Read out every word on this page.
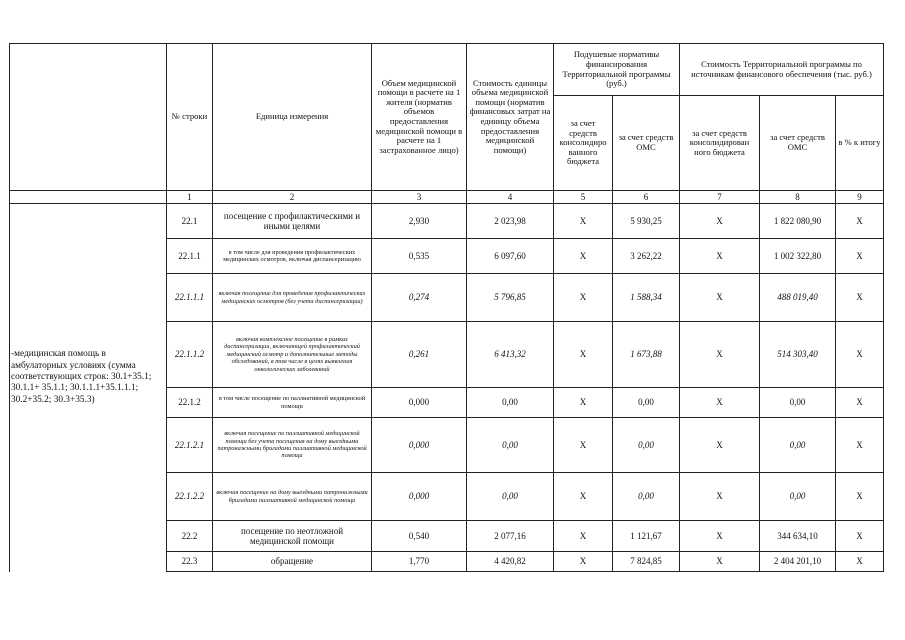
	№ строки	Единица измерения	Объем медицинской помощи в расчете на 1 жителя (норматив объемов предоставления медицинской помощи в расчете на 1 застрахованное лицо)	Стоимость единицы объема медицинской помощи (норматив финансовых затрат на единицу объема предоставления медицинской помощи)	Подушевые нормативы финансирования Территориальной программы (руб.)		Стоимость Территориальной программы по источникам финансового обеспечения (тыс. руб.)		
					за счет средств консолидиро ванного бюджета	за счет средств ОМС	за счет средств консолидирован ного бюджета	за счет средств ОМС	в % к итогу
	1	2	3	4	5	6	7	8	9
-медицинская помощь в амбулаторных условиях (сумма соответствующих строк: 30.1+35.1; 30.1.1+ 35.1.1; 30.1.1.1+35.1.1.1; 30.2+35.2; 30.3+35.3)	22.1	посещение с профилактическими и иными целями	2,930	2 023,98	X	5 930,25	X	1 822 080,90	X
	22.1.1	в том числе для проведения профилактических медицинских осмотров, включая диспансеризацию	0,535	6 097,60	X	3 262,22	X	1 002 322,80	X
	22.1.1.1	включая посещение для проведения профилактических медицинских осмотров (без учета диспансеризации)	0,274	5 796,85	X	1 588,34	X	488 019,40	X
	22.1.1.2	включая комплексное посещение в рамках диспансеризации, включающей профилактический медицинский осмотр и дополнительные методы обследований, в том числе в целях выявления онкологических заболеваний	0,261	6 413,32	X	1 673,88	X	514 303,40	X
	22.1.2	в том числе посещение по паллиативной медицинской помощи	0,000	0,00	X	0,00	X	0,00	X
	22.1.2.1	включая посещение по паллиативной медицинской помощи без учета посещения на дому выездными патронажными бригадами паллиативной медицинской помощи	0,000	0,00	X	0,00	X	0,00	X
	22.1.2.2	включая посещение на дому выездными патронажными бригадами паллиативной медицинской помощи	0,000	0,00	X	0,00	X	0,00	X
	22.2	посещение по неотложной медицинской помощи	0,540	2 077,16	X	1 121,67	X	344 634,10	X
	22.3	обращение	1,770	4 420,82	X	7 824,85	X	2 404 201,10	X
